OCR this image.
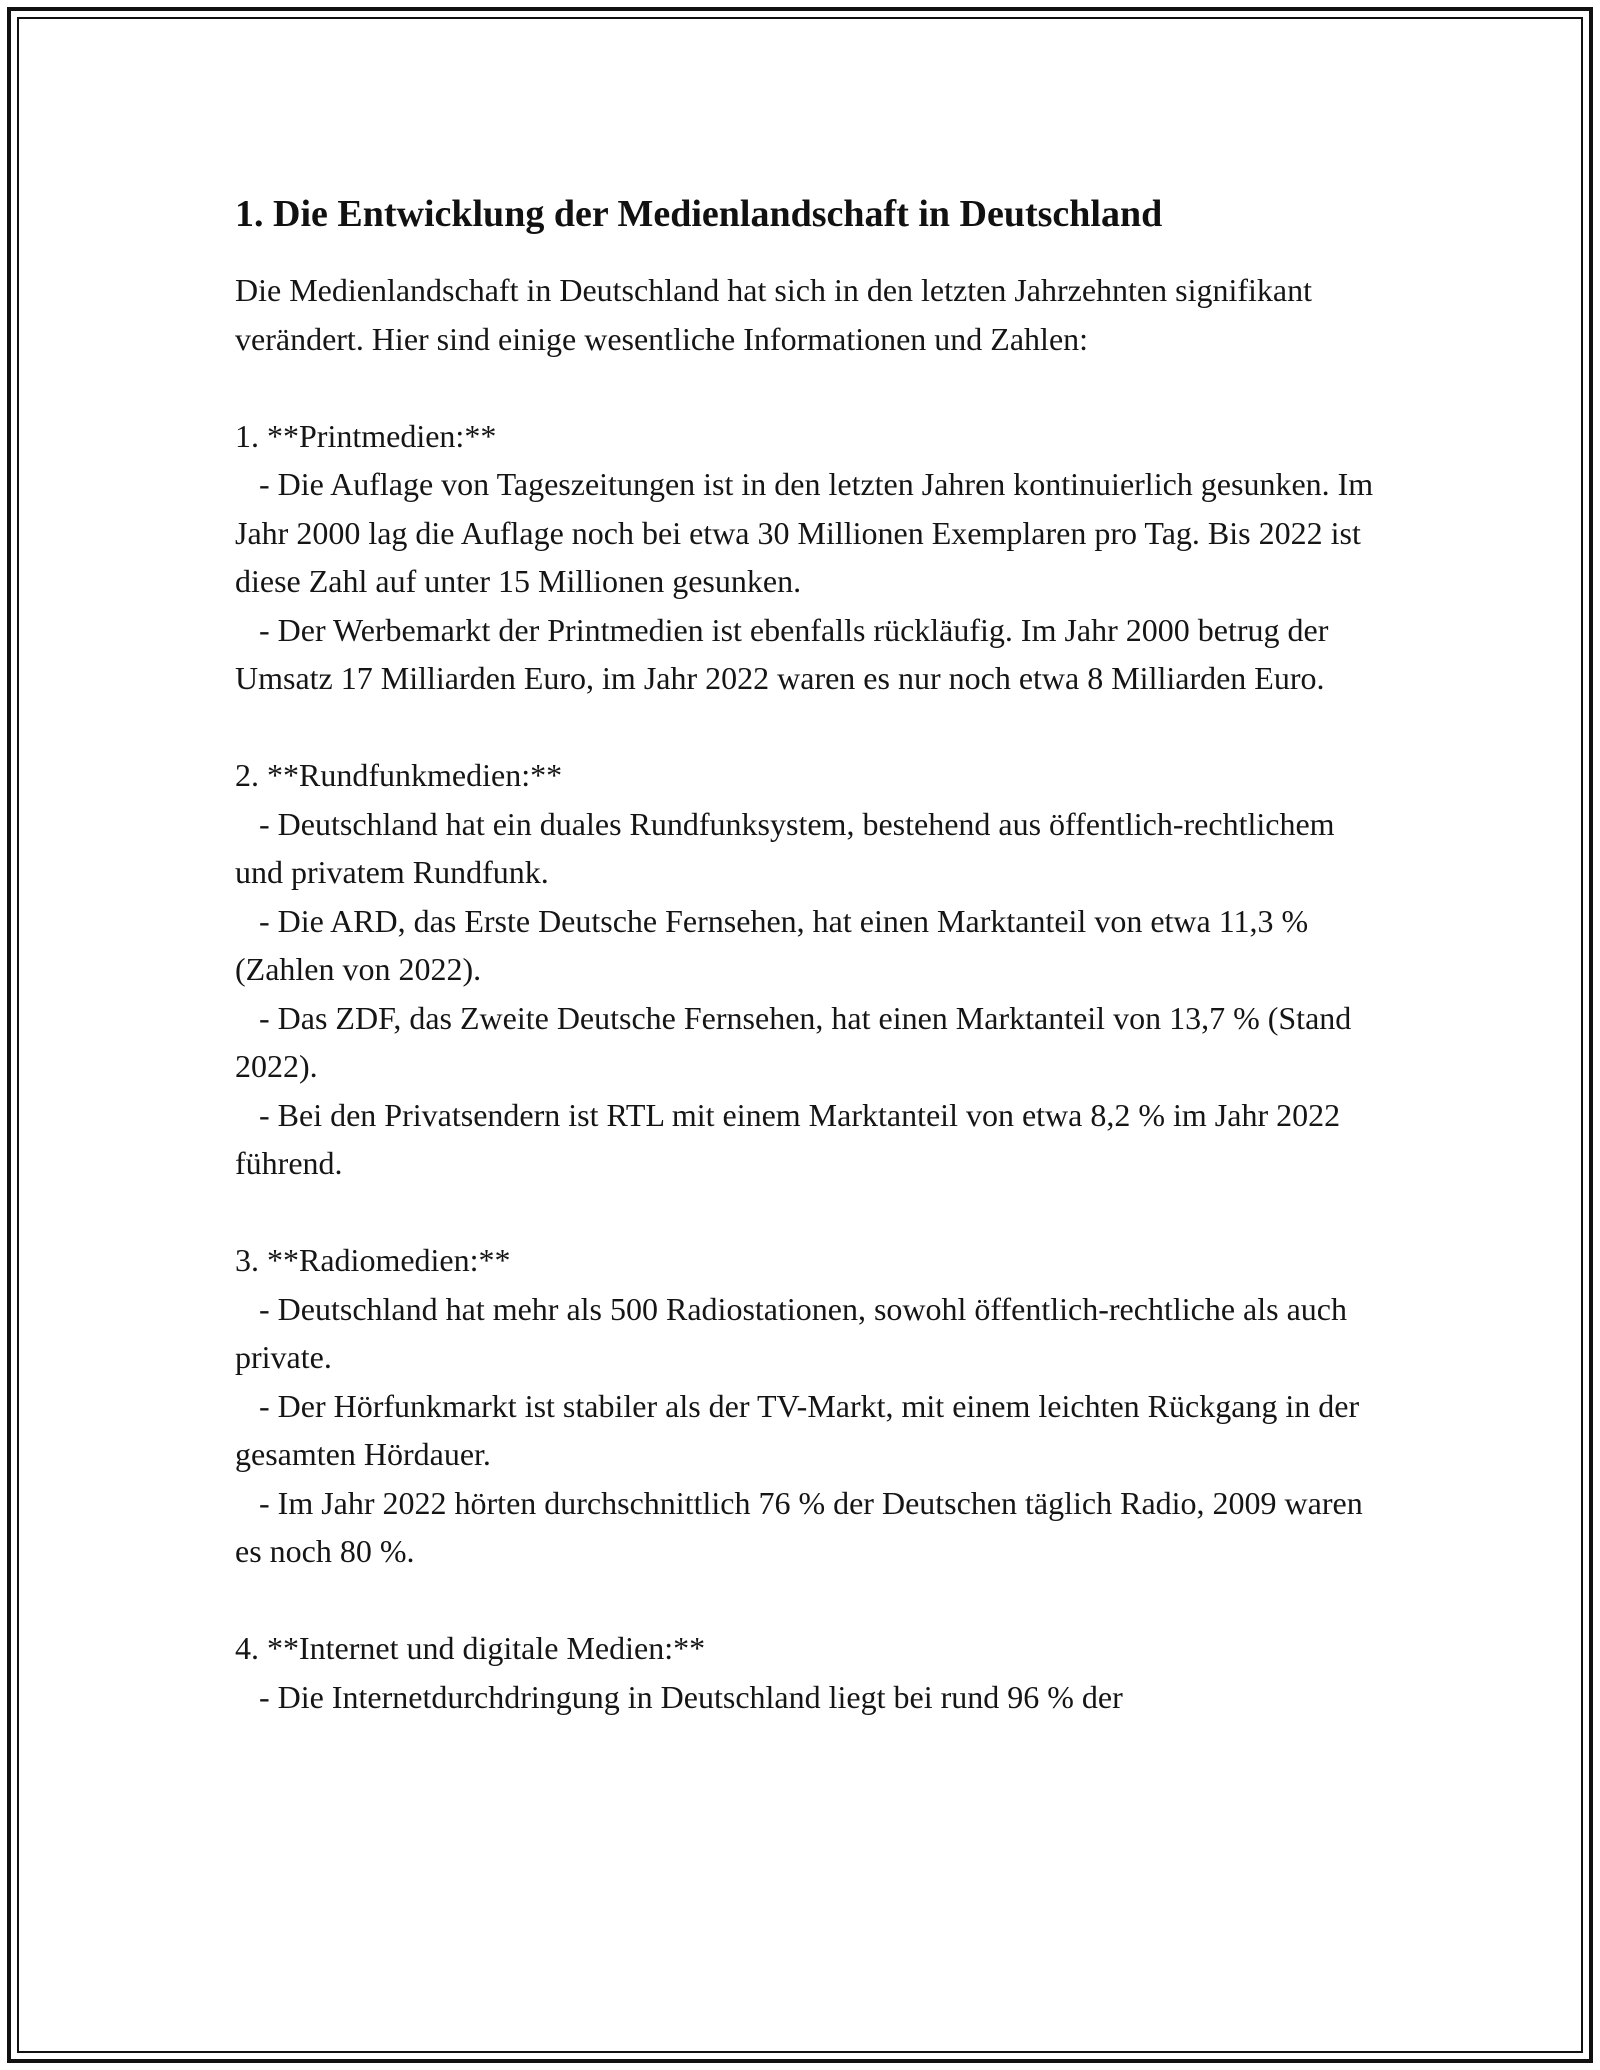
1. Die Entwicklung der Medienlandschaft in Deutschland
Die Medienlandschaft in Deutschland hat sich in den letzten Jahrzehnten signifikant verändert. Hier sind einige wesentliche Informationen und Zahlen:

1. **Printmedien:**
- Die Auflage von Tageszeitungen ist in den letzten Jahren kontinuierlich gesunken. Im Jahr 2000 lag die Auflage noch bei etwa 30 Millionen Exemplaren pro Tag. Bis 2022 ist diese Zahl auf unter 15 Millionen gesunken.
- Der Werbemarkt der Printmedien ist ebenfalls rückläufig. Im Jahr 2000 betrug der Umsatz 17 Milliarden Euro, im Jahr 2022 waren es nur noch etwa 8 Milliarden Euro.

2. **Rundfunkmedien:**
- Deutschland hat ein duales Rundfunksystem, bestehend aus öffentlich-rechtlichem und privatem Rundfunk.
- Die ARD, das Erste Deutsche Fernsehen, hat einen Marktanteil von etwa 11,3 % (Zahlen von 2022).
- Das ZDF, das Zweite Deutsche Fernsehen, hat einen Marktanteil von 13,7 % (Stand 2022).
- Bei den Privatsendern ist RTL mit einem Marktanteil von etwa 8,2 % im Jahr 2022 führend.

3. **Radiomedien:**
- Deutschland hat mehr als 500 Radiostationen, sowohl öffentlich-rechtliche als auch private.
- Der Hörfunkmarkt ist stabiler als der TV-Markt, mit einem leichten Rückgang in der gesamten Hördauer.
- Im Jahr 2022 hörten durchschnittlich 76 % der Deutschen täglich Radio, 2009 waren es noch 80 %.

4. **Internet und digitale Medien:**
- Die Internetdurchdringung in Deutschland liegt bei rund 96 % der
